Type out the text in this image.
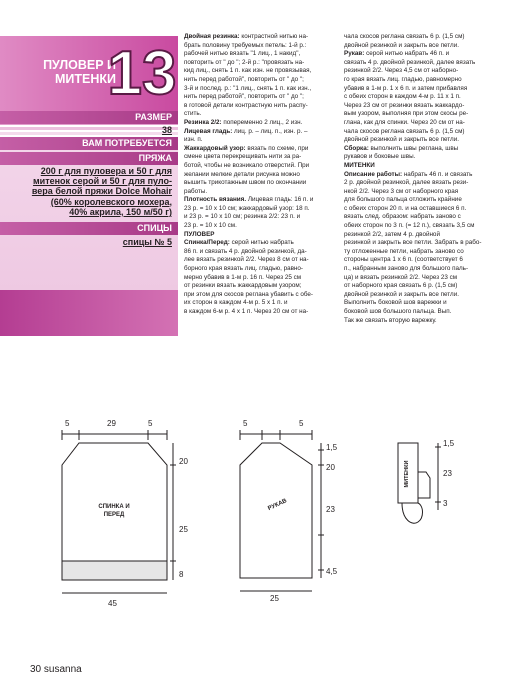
ПУЛОВЕР И
МИТЕНКИ
13
РАЗМЕР
38
ВАМ ПОТРЕБУЕТСЯ
ПРЯЖА
200 г для пуловера и 50 г для
митенок серой и 50 г для пуло-
вера белой пряжи Dolce Mohair
(60% королевского мохера,
40% акрила, 150 м/50 г)
СПИЦЫ
спицы № 5

Двойная резинка: контрастной нитью на-

брать половину требуемых петель: 1-й р.:

рабочей нитью вязать "1 лиц., 1 накид",

повторить от " до "; 2-й р.: "провязать на-

кид лиц., снять 1 п. как изн. не провязывая,

нить перед работой", повторить от " до ";

3-й и послед. р.: "1 лиц., снять 1 п. как изн.,

нить перед работой", повторить от " до ";

в готовой детали контрастную нить распу-

стить.

Резинка 2/2: попеременно 2 лиц., 2 изн.

Лицевая гладь: лиц. р. – лиц. п., изн. р. –

изн. п.

Жаккардовый узор: вязать по схеме, при

смене цвета перекрещивать нити за ра-

ботой, чтобы не возникало отверстий. При

желании мелкие детали рисунка можно

вышить трикотажным швом по окончании

работы.

Плотность вязания. Лицевая гладь: 16 п. и

23 р. = 10 х 10 см; жаккардовый узор: 18 п.

и 23 р. = 10 х 10 см; резинка 2/2: 23 п. и

23 р. = 10 х 10 см.

ПУЛОВЕР

Спинка/Перед: серой нитью набрать

86 п. и связать 4 р. двойной резинкой, да-

лее вязать резинкой 2/2. Через 8 см от на-

борного края вязать лиц. гладью, равно-

мерно убавив в 1-м р. 16 п. Через 25 см

от резинки вязать жаккардовым узором;

при этом для скосов реглана убавить с обе-

их сторон в каждом 4-м р. 5 х 1 п. и

в каждом 6-м р. 4 х 1 п. Через 20 см от на-

чала скосов реглана связать 6 р. (1,5 см)

двойной резинкой и закрыть все петли.

Рукав: серой нитью набрать 46 п. и

связать 4 р. двойной резинкой, далее вязать

резинкой 2/2. Через 4,5 см от наборно-

го края вязать лиц. гладью, равномерно

убавив в 1-м р. 1 х 6 п. и затем прибавляя

с обеих сторон в каждом 4-м р. 11 х 1 п.

Через 23 см от резинки вязать жаккардо-

вым узором, выполняя при этом скосы ре-

глана, как для спинки. Через 20 см от на-

чала скосов реглана связать 6 р. (1,5 см)

двойной резинкой и закрыть все петли.

Сборка: выполнить швы реглана, швы

рукавов и боковые швы.

МИТЕНКИ

Описание работы: набрать 46 п. и связать

2 р. двойной резинкой, далее вязать рези-

нкой 2/2. Через 3 см от наборного края

для большого пальца отложить крайние

с обеих сторон 20 п. и на оставшиеся 6 п.

вязать след. образом: набрать заново с

обеих сторон по 3 п. (= 12 п.), связать 3,5 см

резинкой 2/2, затем 4 р. двойной

резинкой и закрыть все петли. Забрать в рабо-

ту отложенные петли, набрать заново со

стороны центра 1 х 6 п. (соответствует 6

п., набранным заново для большого паль-

ца) и вязать резинкой 2/2. Через 23 см

от наборного края связать 6 р. (1,5 см)

двойной резинкой и закрыть все петли.

Выполнить боковой шов варежки и

боковой шов большого пальца. Вып.

Так же связать вторую варежку.

5	29	5
20
25
8
45
СПИНКА И
ПЕРЕД
5	5
1,5
20
23
4,5
25
РУКАВ
1,5
23
3
МИТЕНКИ
30 susanna
